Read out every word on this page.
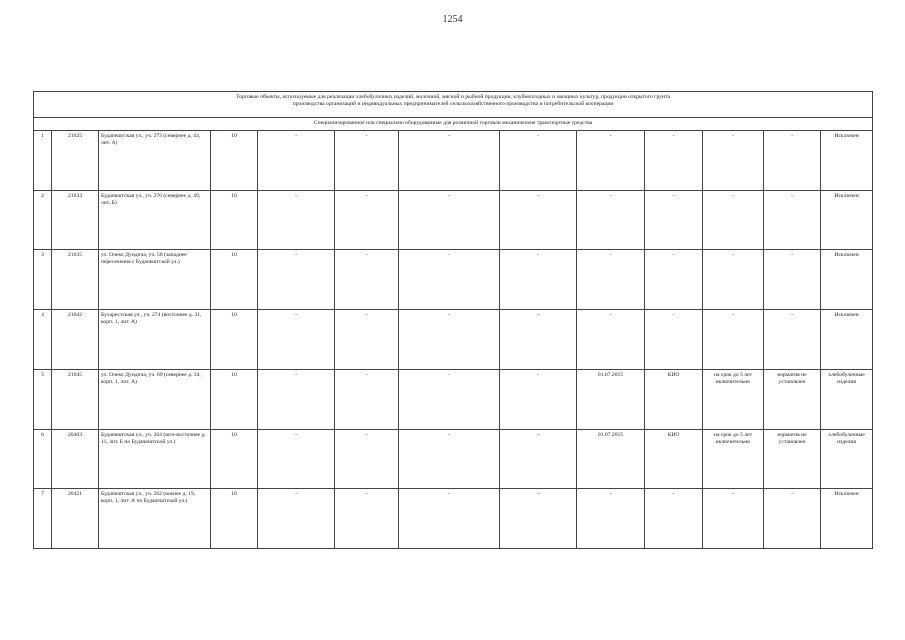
1254
Торговые объекты, используемые для реализации хлебобулочных изделий, молочной, мясной и рыбной продукции, клубнеплодных и овощных культур, продукции открытого грунта
производства организаций и индивидуальных предпринимателей сельскохозяйственного производства и потребительской кооперации												

Специализированное или специально оборудованные для розничной торговли механические транспортные средства												
1	21625	Будапештская ул., уч. 273 (севернее д. 43, лит. А)	10	-	-	-	-	-	-	-	-	Исключен
2	21633	Будапештская ул., уч. 276 (севернее д. 49, лит. Б)	10	-	-	-	-	-	-	-	-	Исключен
3	21635	ул. Олеко Дундича, уч. 58 (западнее пересечения с Будапештской ул.)	10	-	-	-	-	-	-	-	-	Исключен
4	21642	Бухарестская ул., уч. 274 (восточнее д. 31, корп. 1, лит. А)	10	-	-	-	-	-	-	-	-	Исключен
5	21645	ул. Олеко Дундича, уч. 69 (севернее д. 34, корп. 1, лит. А)	10	-	-	-	-	01.07.2015	КИО	на срок до 5 лет включительно	норматив не установлен	хлебобулочные изделия
6	20403	Будапештская ул., уч. 264 (юго-восточнее д. 11, лит. Б по Будапештской ул.)	10	-	-	-	-	01.07.2015	КИО	на срок до 5 лет включительно	норматив не установлен	хлебобулочные изделия
7	20421	Будапештская ул., уч. 262 (южнее д. 19, корп. 1, лит. А по Будапештской ул.)	10	-	-	-	-	-	-	-	-	Исключен
